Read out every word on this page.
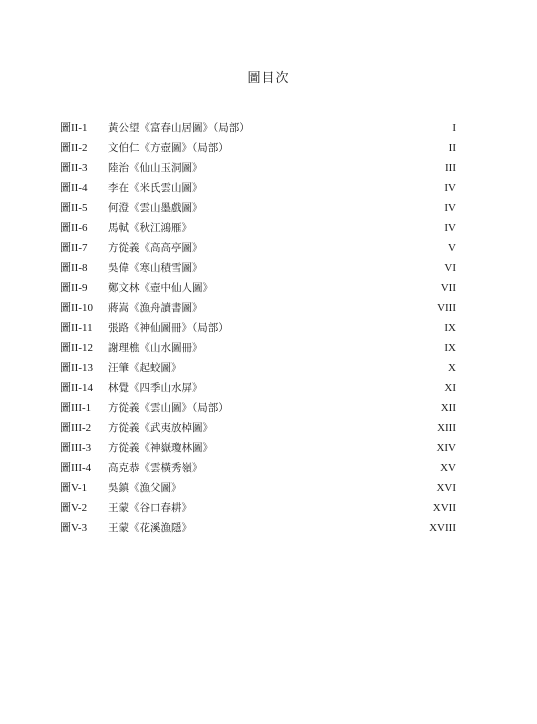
圖目次
圖II-1	黃公望《富春山居圖》（局部）	I
圖II-2	文伯仁《方壺圖》（局部）	II
圖II-3	陸治《仙山玉洞圖》	III
圖II-4	李在《米氏雲山圖》	IV
圖II-5	何澄《雲山墨戲圖》	IV
圖II-6	馬軾《秋江鴻雁》	IV
圖II-7	方從義《高高亭圖》	V
圖II-8	吳偉《寒山積雪圖》	VI
圖II-9	鄭文林《壺中仙人圖》	VII
圖II-10	蔣嵩《漁舟讀書圖》	VIII
圖II-11	張路《神仙圖冊》（局部）	IX
圖II-12	謝理樵《山水圖冊》	IX
圖II-13	汪肇《起蛟圖》	X
圖II-14	林覺《四季山水屏》	XI
圖III-1	方從義《雲山圖》（局部）	XII
圖III-2	方從義《武夷放棹圖》	XIII
圖III-3	方從義《神嶽瓊林圖》	XIV
圖III-4	高克恭《雲橫秀嶺》	XV
圖V-1	吳鎮《漁父圖》	XVI
圖V-2	王蒙《谷口春耕》	XVII
圖V-3	王蒙《花溪漁隱》	XVIII
